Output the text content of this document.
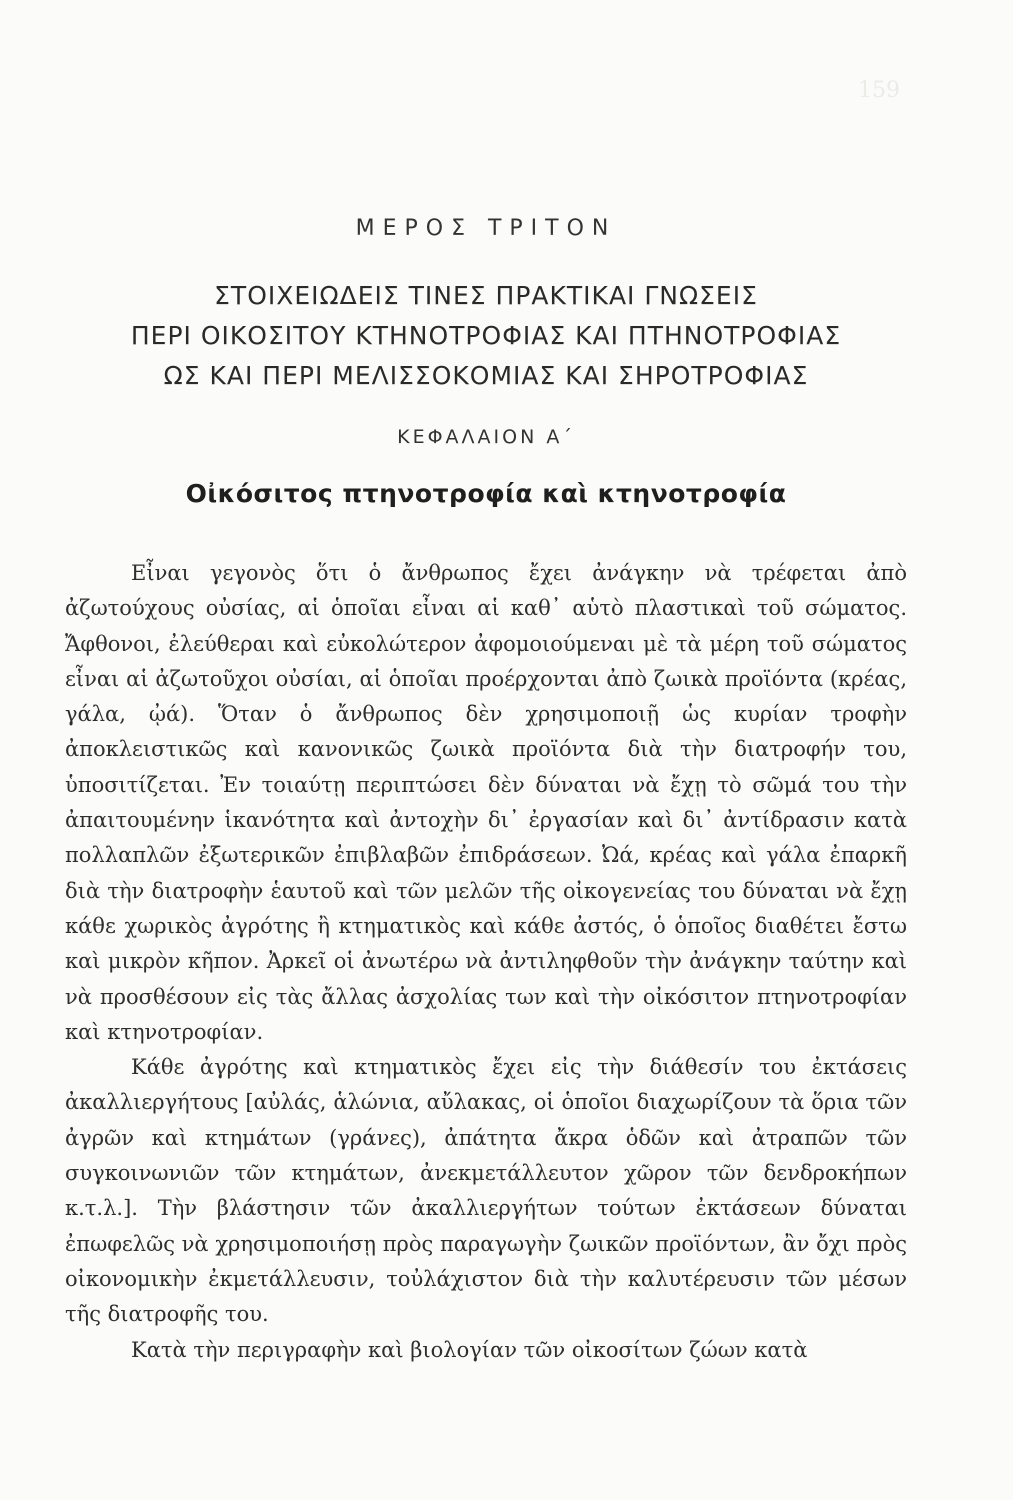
159
ΜΕΡΟΣ ΤΡΙΤΟΝ
ΣΤΟΙΧΕΙΩΔΕΙΣ ΤΙΝΕΣ ΠΡΑΚΤΙΚΑΙ ΓΝΩΣΕΙΣ
ΠΕΡΙ ΟΙΚΟΣΙΤΟΥ ΚΤΗΝΟΤΡΟΦΙΑΣ ΚΑΙ ΠΤΗΝΟΤΡΟΦΙΑΣ
ΩΣ ΚΑΙ ΠΕΡΙ ΜΕΛΙΣΣΟΚΟΜΙΑΣ ΚΑΙ ΣΗΡΟΤΡΟΦΙΑΣ
ΚΕΦΑΛΑΙΟΝ Α΄
Οἰκόσιτος πτηνοτροφία καὶ κτηνοτροφία

Εἶναι γεγονὸς ὅτι ὁ ἄνθρωπος ἔχει ἀνάγκην νὰ τρέφεται ἀπὸ ἀζωτούχους οὐσίας, αἱ ὁποῖαι εἶναι αἱ καθ᾽ αὑτὸ πλαστικαὶ τοῦ σώματος. Ἄφθονοι, ἐλεύθεραι καὶ εὐκολώτερον ἀφομοιούμεναι μὲ τὰ μέρη τοῦ σώματος εἶναι αἱ ἀζωτοῦχοι οὐσίαι, αἱ ὁποῖαι προέρχονται ἀπὸ ζωικὰ προϊόντα (κρέας, γάλα, ᾠά). Ὅταν ὁ ἄνθρωπος δὲν χρησιμοποιῇ ὡς κυρίαν τροφὴν ἀποκλειστικῶς καὶ κανονικῶς ζωικὰ προϊόντα διὰ τὴν διατροφήν του, ὑποσιτίζεται. Ἐν τοιαύτῃ περιπτώσει δὲν δύναται νὰ ἔχῃ τὸ σῶμά του τὴν ἀπαιτουμένην ἱκανότητα καὶ ἀντοχὴν δι᾽ ἐργασίαν καὶ δι᾽ ἀντίδρασιν κατὰ πολλαπλῶν ἐξωτερικῶν ἐπιβλαβῶν ἐπιδράσεων. Ὠά, κρέας καὶ γάλα ἐπαρκῆ διὰ τὴν διατροφὴν ἑαυτοῦ καὶ τῶν μελῶν τῆς οἰκογενείας του δύναται νὰ ἔχῃ κάθε χωρικὸς ἀγρότης ἢ κτηματικὸς καὶ κάθε ἀστός, ὁ ὁποῖος διαθέτει ἔστω καὶ μικρὸν κῆπον. Ἀρκεῖ οἱ ἀνωτέρω νὰ ἀντιληφθοῦν τὴν ἀνάγκην ταύτην καὶ νὰ προσθέσουν εἰς τὰς ἄλλας ἀσχολίας των καὶ τὴν οἰκόσιτον πτηνοτροφίαν καὶ κτηνοτροφίαν.

Κάθε ἀγρότης καὶ κτηματικὸς ἔχει εἰς τὴν διάθεσίν του ἐκτάσεις ἀκαλλιεργήτους [αὐλάς, ἁλώνια, αὔλακας, οἱ ὁποῖοι διαχωρίζουν τὰ ὅρια τῶν ἀγρῶν καὶ κτημάτων (γράνες), ἀπάτητα ἄκρα ὁδῶν καὶ ἀτραπῶν τῶν συγκοινωνιῶν τῶν κτημάτων, ἀνεκμετάλλευτον χῶρον τῶν δενδροκήπων κ.τ.λ.]. Τὴν βλάστησιν τῶν ἀκαλλιεργήτων τούτων ἐκτάσεων δύναται ἐπωφελῶς νὰ χρησιμοποιήσῃ πρὸς παραγωγὴν ζωικῶν προϊόντων, ἂν ὄχι πρὸς οἰκονομικὴν ἐκμετάλλευσιν, τοὐλάχιστον διὰ τὴν καλυτέρευσιν τῶν μέσων τῆς διατροφῆς του.

Κατὰ τὴν περιγραφὴν καὶ βιολογίαν τῶν οἰκοσίτων ζώων κατὰ
